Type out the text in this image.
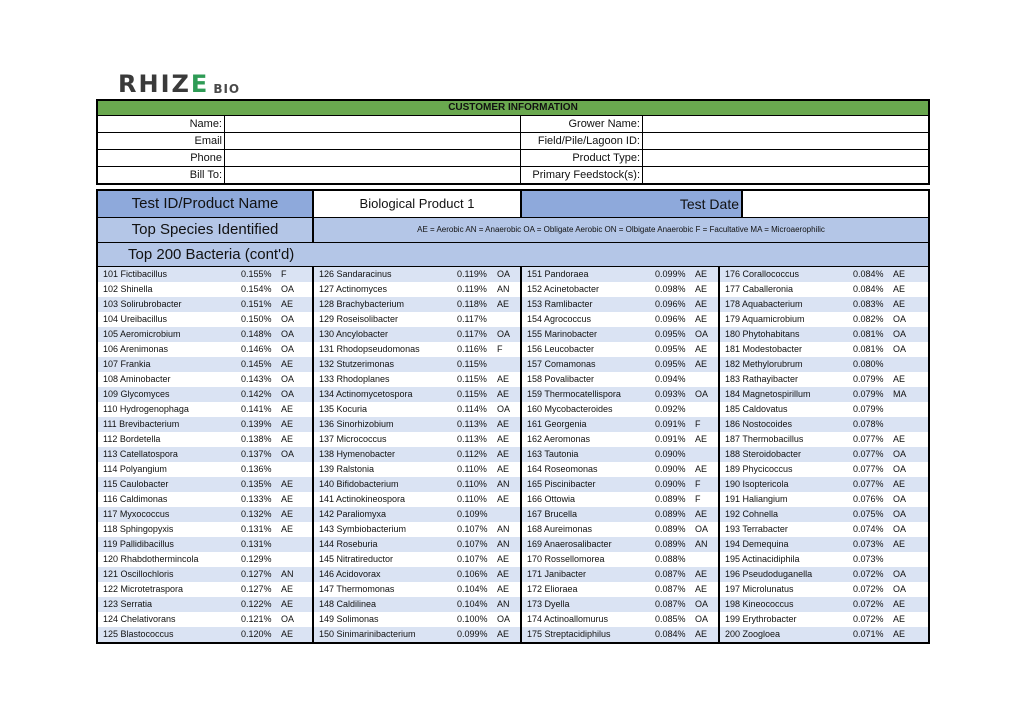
RHIZE BIO
CUSTOMER INFORMATION
Name:	Grower Name:
Email	Field/Pile/Lagoon ID:
Phone	Product Type:
Bill To:	Primary Feedstock(s):
Test ID/Product Name	Biological Product 1	Test Date
Top Species Identified	AE = Aerobic AN = Anaerobic OA = Obligate Aerobic ON = Olbigate Anaerobic F = Facultative MA = Microaerophilic
Top 200 Bacteria (cont'd)
101 Fictibacillus	0.155%	F
102 Shinella	0.154%	OA
103 Solirubrobacter	0.151%	AE
104 Ureibacillus	0.150%	OA
105 Aeromicrobium	0.148%	OA
106 Arenimonas	0.146%	OA
107 Frankia	0.145%	AE
108 Aminobacter	0.143%	OA
109 Glycomyces	0.142%	OA
110 Hydrogenophaga	0.141%	AE
111 Brevibacterium	0.139%	AE
112 Bordetella	0.138%	AE
113 Catellatospora	0.137%	OA
114 Polyangium	0.136%
115 Caulobacter	0.135%	AE
116 Caldimonas	0.133%	AE
117 Myxococcus	0.132%	AE
118 Sphingopyxis	0.131%	AE
119 Pallidibacillus	0.131%
120 Rhabdothermincola	0.129%
121 Oscillochloris	0.127%	AN
122 Microtetraspora	0.127%	AE
123 Serratia	0.122%	AE
124 Chelativorans	0.121%	OA
125 Blastococcus	0.120%	AE
126 Sandaracinus	0.119%	OA
127 Actinomyces	0.119%	AN
128 Brachybacterium	0.118%	AE
129 Roseisolibacter	0.117%
130 Ancylobacter	0.117%	OA
131 Rhodopseudomonas	0.116%	F
132 Stutzerimonas	0.115%
133 Rhodoplanes	0.115%	AE
134 Actinomycetospora	0.115%	AE
135 Kocuria	0.114%	OA
136 Sinorhizobium	0.113%	AE
137 Micrococcus	0.113%	AE
138 Hymenobacter	0.112%	AE
139 Ralstonia	0.110%	AE
140 Bifidobacterium	0.110%	AN
141 Actinokineospora	0.110%	AE
142 Paraliomyxa	0.109%
143 Symbiobacterium	0.107%	AN
144 Roseburia	0.107%	AN
145 Nitratireductor	0.107%	AE
146 Acidovorax	0.106%	AE
147 Thermomonas	0.104%	AE
148 Caldilinea	0.104%	AN
149 Solimonas	0.100%	OA
150 Sinimarinibacterium	0.099%	AE
151 Pandoraea	0.099%	AE
152 Acinetobacter	0.098%	AE
153 Ramlibacter	0.096%	AE
154 Agrococcus	0.096%	AE
155 Marinobacter	0.095%	OA
156 Leucobacter	0.095%	AE
157 Comamonas	0.095%	AE
158 Povalibacter	0.094%
159 Thermocatellispora	0.093%	OA
160 Mycobacteroides	0.092%
161 Georgenia	0.091%	F
162 Aeromonas	0.091%	AE
163 Tautonia	0.090%
164 Roseomonas	0.090%	AE
165 Piscinibacter	0.090%	F
166 Ottowia	0.089%	F
167 Brucella	0.089%	AE
168 Aureimonas	0.089%	OA
169 Anaerosalibacter	0.089%	AN
170 Rossellomorea	0.088%
171 Janibacter	0.087%	AE
172 Elioraea	0.087%	AE
173 Dyella	0.087%	OA
174 Actinoallomurus	0.085%	OA
175 Streptacidiphilus	0.084%	AE
176 Corallococcus	0.084%	AE
177 Caballeronia	0.084%	AE
178 Aquabacterium	0.083%	AE
179 Aquamicrobium	0.082%	OA
180 Phytohabitans	0.081%	OA
181 Modestobacter	0.081%	OA
182 Methylorubrum	0.080%
183 Rathayibacter	0.079%	AE
184 Magnetospirillum	0.079%	MA
185 Caldovatus	0.079%
186 Nostocoides	0.078%
187 Thermobacillus	0.077%	AE
188 Steroidobacter	0.077%	OA
189 Phycicoccus	0.077%	OA
190 Isoptericola	0.077%	AE
191 Haliangium	0.076%	OA
192 Cohnella	0.075%	OA
193 Terrabacter	0.074%	OA
194 Demequina	0.073%	AE
195 Actinacidiphila	0.073%
196 Pseudoduganella	0.072%	OA
197 Microlunatus	0.072%	OA
198 Kineococcus	0.072%	AE
199 Erythrobacter	0.072%	AE
200 Zoogloea	0.071%	AE
